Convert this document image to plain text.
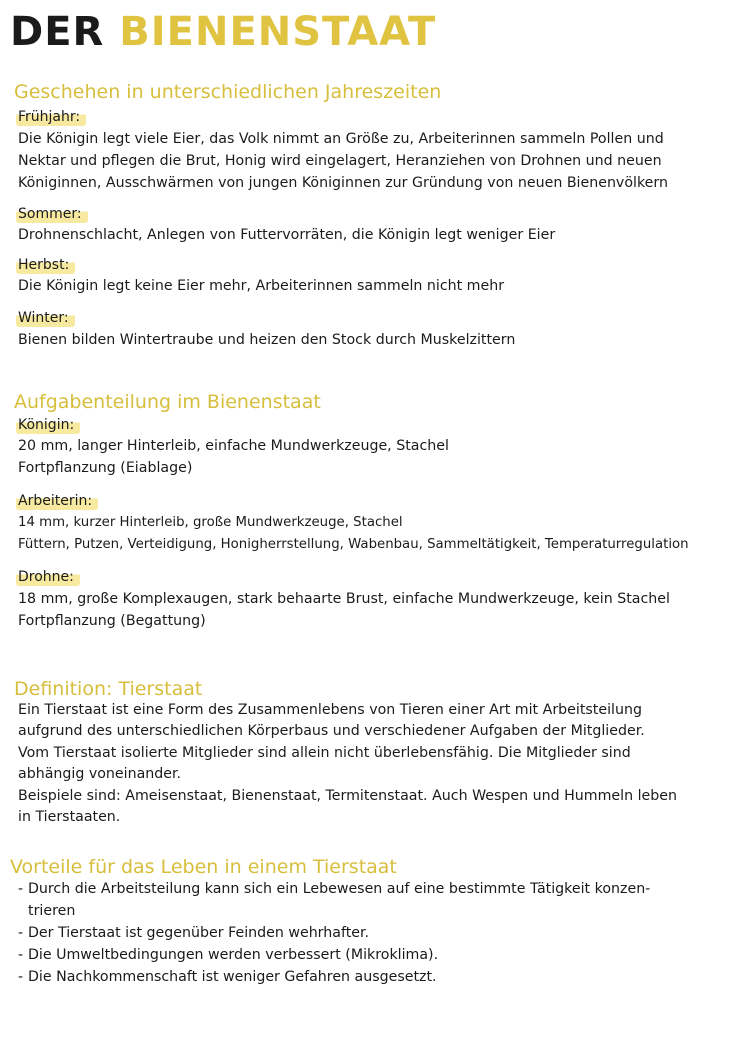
DER BIENENSTAAT
Geschehen in unterschiedlichen Jahreszeiten
Frühjahr:
Die Königin legt viele Eier, das Volk nimmt an Größe zu, Arbeiterinnen sammeln Pollen und
Nektar und pflegen die Brut, Honig wird eingelagert, Heranziehen von Drohnen und neuen
Königinnen, Ausschwärmen von jungen Königinnen zur Gründung von neuen Bienenvölkern
Sommer:
Drohnenschlacht, Anlegen von Futtervorräten, die Königin legt weniger Eier
Herbst:
Die Königin legt keine Eier mehr, Arbeiterinnen sammeln nicht mehr
Winter:
Bienen bilden Wintertraube und heizen den Stock durch Muskelzittern
Aufgabenteilung im Bienenstaat
Königin:
20 mm, langer Hinterleib, einfache Mundwerkzeuge, Stachel
Fortpflanzung (Eiablage)
Arbeiterin:
14 mm, kurzer Hinterleib, große Mundwerkzeuge, Stachel
Füttern, Putzen, Verteidigung, Honigherrstellung, Wabenbau, Sammeltätigkeit, Temperaturregulation
Drohne:
18 mm, große Komplexaugen, stark behaarte Brust, einfache Mundwerkzeuge, kein Stachel
Fortpflanzung (Begattung)
Definition: Tierstaat
Ein Tierstaat ist eine Form des Zusammenlebens von Tieren einer Art mit Arbeitsteilung
aufgrund des unterschiedlichen Körperbaus und verschiedener Aufgaben der Mitglieder.
Vom Tierstaat isolierte Mitglieder sind allein nicht überlebensfähig. Die Mitglieder sind
abhängig voneinander.
Beispiele sind: Ameisenstaat, Bienenstaat, Termitenstaat. Auch Wespen und Hummeln leben
in Tierstaaten.
Vorteile für das Leben in einem Tierstaat
- Durch die Arbeitsteilung kann sich ein Lebewesen auf eine bestimmte Tätigkeit konzen-
trieren
- Der Tierstaat ist gegenüber Feinden wehrhafter.
- Die Umweltbedingungen werden verbessert (Mikroklima).
- Die Nachkommenschaft ist weniger Gefahren ausgesetzt.
